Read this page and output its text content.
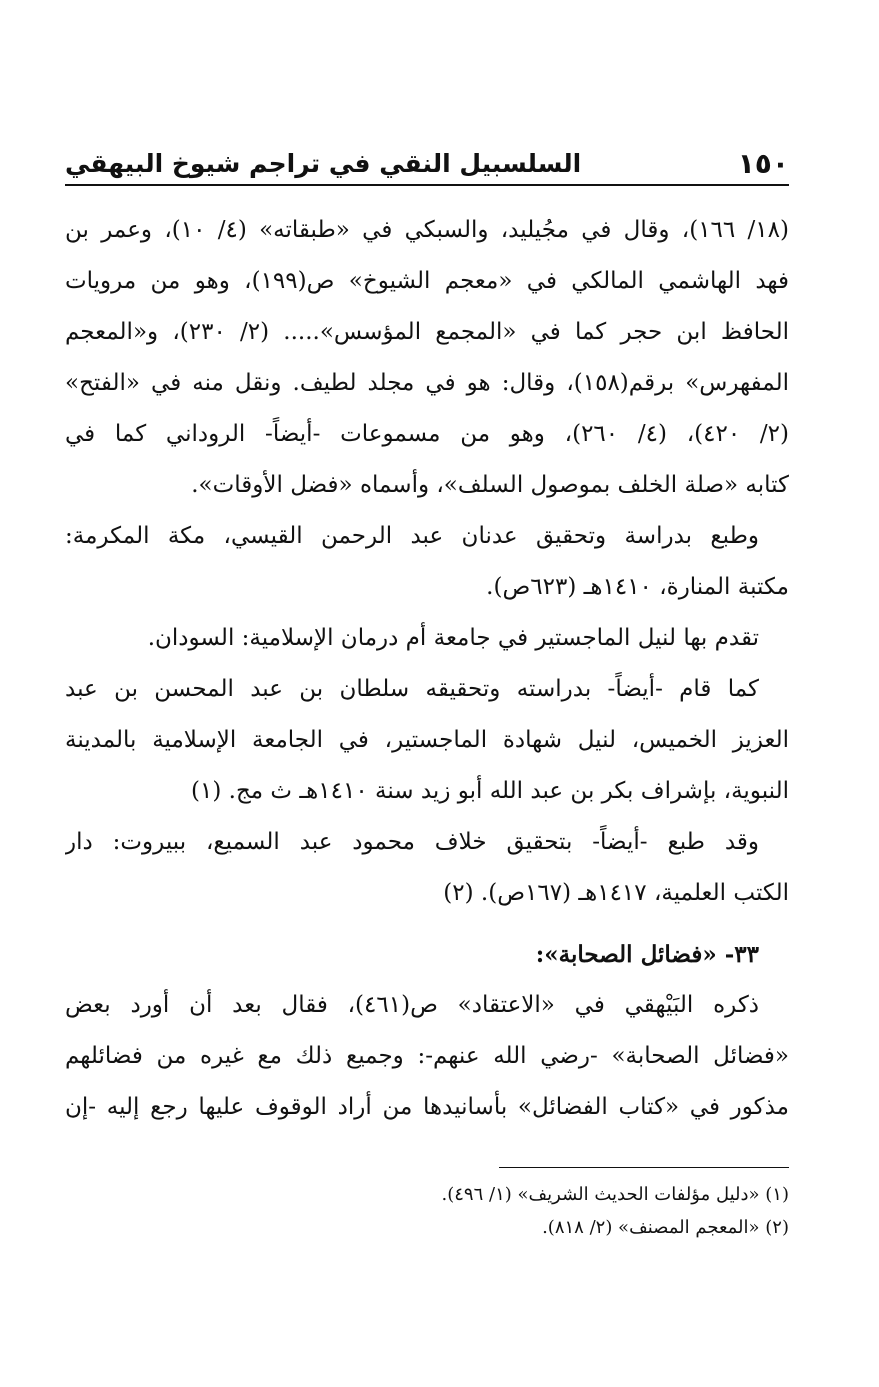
١٥٠
السلسبيل النقي في تراجم شيوخ البيهقي
(١٨/ ١٦٦)، وقال في مجُيليد، والسبكي في «طبقاته» (٤/ ١٠)، وعمر بن
فهد الهاشمي المالكي في «معجم الشيوخ» ص(١٩٩)، وهو من مرويات
الحافظ ابن حجر كما في «المجمع المؤسس»..... (٢/ ٢٣٠)، و«المعجم
المفهرس» برقم(١٥٨)، وقال: هو في مجلد لطيف. ونقل منه في «الفتح»
(٢/ ٤٢٠)، (٤/ ٢٦٠)، وهو من مسموعات -أيضاً- الروداني كما في
كتابه «صلة الخلف بموصول السلف»، وأسماه «فضل الأوقات».
وطبع بدراسة وتحقيق عدنان عبد الرحمن القيسي، مكة المكرمة:
مكتبة المنارة، ١٤١٠هـ (٦٢٣ص).
تقدم بها لنيل الماجستير في جامعة أم درمان الإسلامية: السودان.
كما قام -أيضاً- بدراسته وتحقيقه سلطان بن عبد المحسن بن عبد
العزيز الخميس، لنيل شهادة الماجستير، في الجامعة الإسلامية بالمدينة
النبوية، بإشراف بكر بن عبد الله أبو زيد سنة ١٤١٠هـ ث مج. (١)
وقد طبع -أيضاً- بتحقيق خلاف محمود عبد السميع، ببيروت: دار
الكتب العلمية، ١٤١٧هـ (١٦٧ص). (٢)
٣٣- «فضائل الصحابة»:
ذكره البَيْهقي في «الاعتقاد» ص(٤٦١)، فقال بعد أن أورد بعض
«فضائل الصحابة» -رضي الله عنهم-: وجميع ذلك مع غيره من فضائلهم
مذكور في «كتاب الفضائل» بأسانيدها من أراد الوقوف عليها رجع إليه -إن
(١) «دليل مؤلفات الحديث الشريف» (١/ ٤٩٦).
(٢) «المعجم المصنف» (٢/ ٨١٨).
